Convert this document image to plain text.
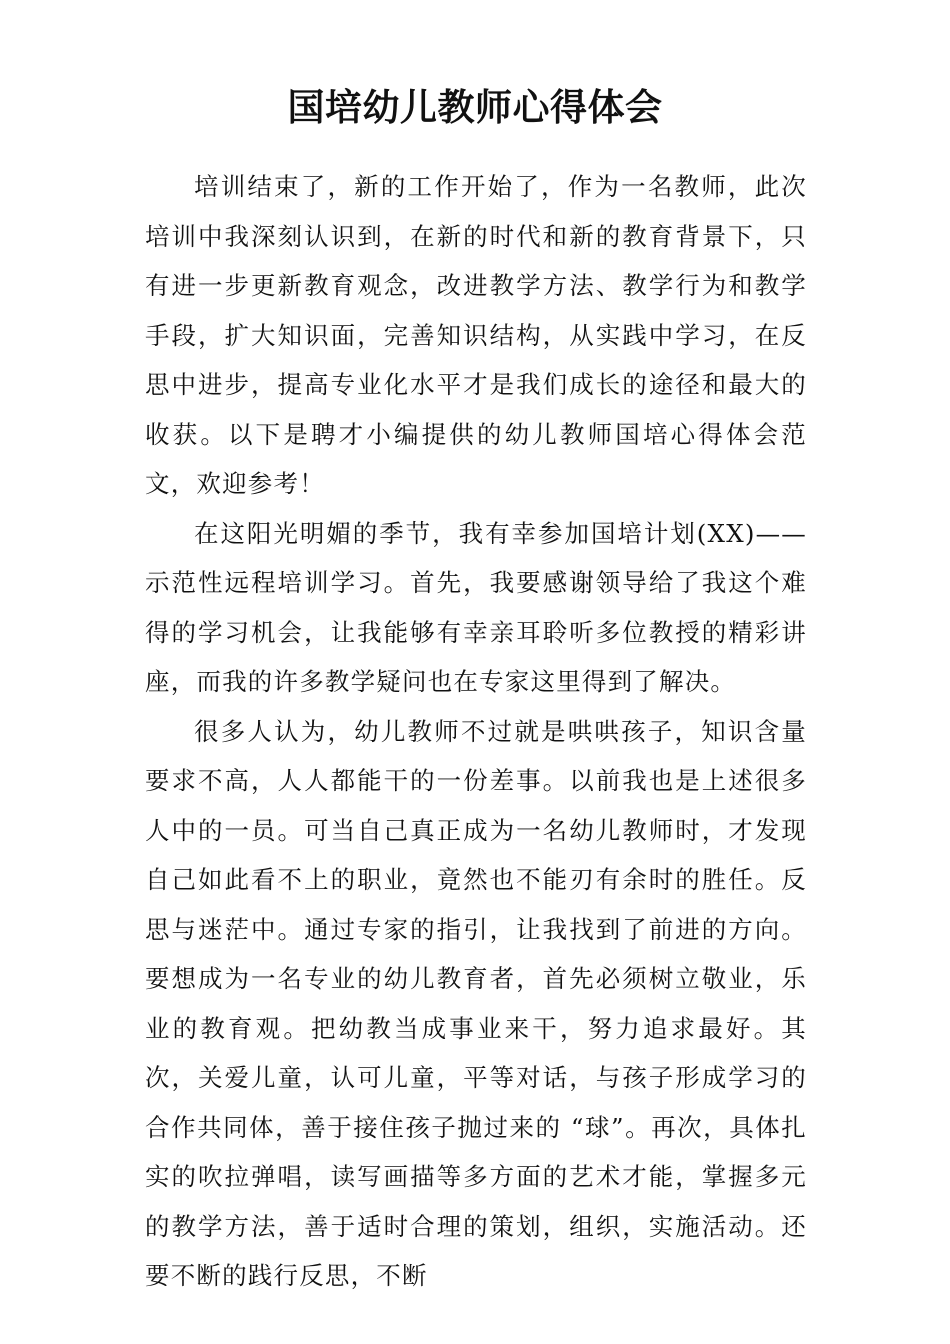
国培幼儿教师心得体会

培训结束了，新的工作开始了，作为一名教师，此次培训中我深刻认识到，在新的时代和新的教育背景下，只有进一步更新教育观念，改进教学方法、教学行为和教学手段，扩大知识面，完善知识结构，从实践中学习，在反思中进步，提高专业化水平才是我们成长的途径和最大的收获。以下是聘才小编提供的幼儿教师国培心得体会范文，欢迎参考！

在这阳光明媚的季节，我有幸参加国培计划(XX)——示范性远程培训学习。首先，我要感谢领导给了我这个难得的学习机会，让我能够有幸亲耳聆听多位教授的精彩讲座，而我的许多教学疑问也在专家这里得到了解决。

很多人认为，幼儿教师不过就是哄哄孩子，知识含量要求不高，人人都能干的一份差事。以前我也是上述很多人中的一员。可当自己真正成为一名幼儿教师时，才发现自己如此看不上的职业，竟然也不能刃有余时的胜任。反思与迷茫中。通过专家的指引，让我找到了前进的方向。要想成为一名专业的幼儿教育者，首先必须树立敬业，乐业的教育观。把幼教当成事业来干，努力追求最好。其次，关爱儿童，认可儿童，平等对话，与孩子形成学习的合作共同体，善于接住孩子抛过来的 “球”。再次，具体扎实的吹拉弹唱，读写画描等多方面的艺术才能，掌握多元的教学方法，善于适时合理的策划，组织，实施活动。还要不断的践行反思，不断
